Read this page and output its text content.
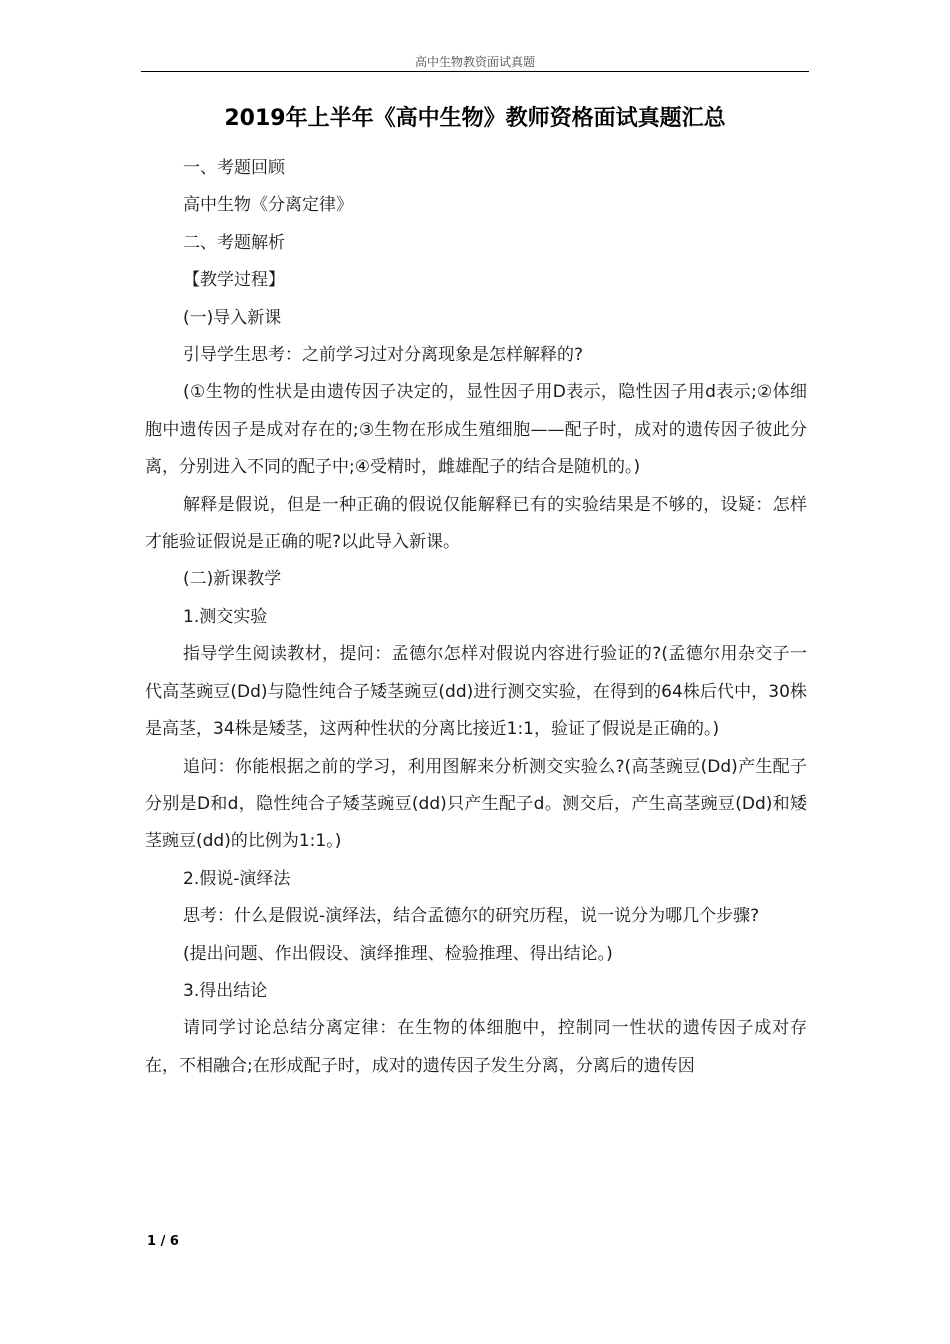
高中生物教资面试真题
2019年上半年《高中生物》教师资格面试真题汇总

一、考题回顾

高中生物《分离定律》

二、考题解析

【教学过程】

(一)导入新课

引导学生思考：之前学习过对分离现象是怎样解释的?

(①生物的性状是由遗传因子决定的，显性因子用D表示，隐性因子用d表示;②体细胞中遗传因子是成对存在的;③生物在形成生殖细胞——配子时，成对的遗传因子彼此分离，分别进入不同的配子中;④受精时，雌雄配子的结合是随机的。)

解释是假说，但是一种正确的假说仅能解释已有的实验结果是不够的，设疑：怎样才能验证假说是正确的呢?以此导入新课。

(二)新课教学

1.测交实验

指导学生阅读教材，提问：孟德尔怎样对假说内容进行验证的?(孟德尔用杂交子一代高茎豌豆(Dd)与隐性纯合子矮茎豌豆(dd)进行测交实验，在得到的64株后代中，30株是高茎，34株是矮茎，这两种性状的分离比接近1:1，验证了假说是正确的。)

追问：你能根据之前的学习，利用图解来分析测交实验么?(高茎豌豆(Dd)产生配子分别是D和d，隐性纯合子矮茎豌豆(dd)只产生配子d。测交后，产生高茎豌豆(Dd)和矮茎豌豆(dd)的比例为1:1。)

2.假说-演绎法

思考：什么是假说-演绎法，结合孟德尔的研究历程，说一说分为哪几个步骤?

(提出问题、作出假设、演绎推理、检验推理、得出结论。)

3.得出结论

请同学讨论总结分离定律：在生物的体细胞中，控制同一性状的遗传因子成对存在，不相融合;在形成配子时，成对的遗传因子发生分离，分离后的遗传因

1 / 6
